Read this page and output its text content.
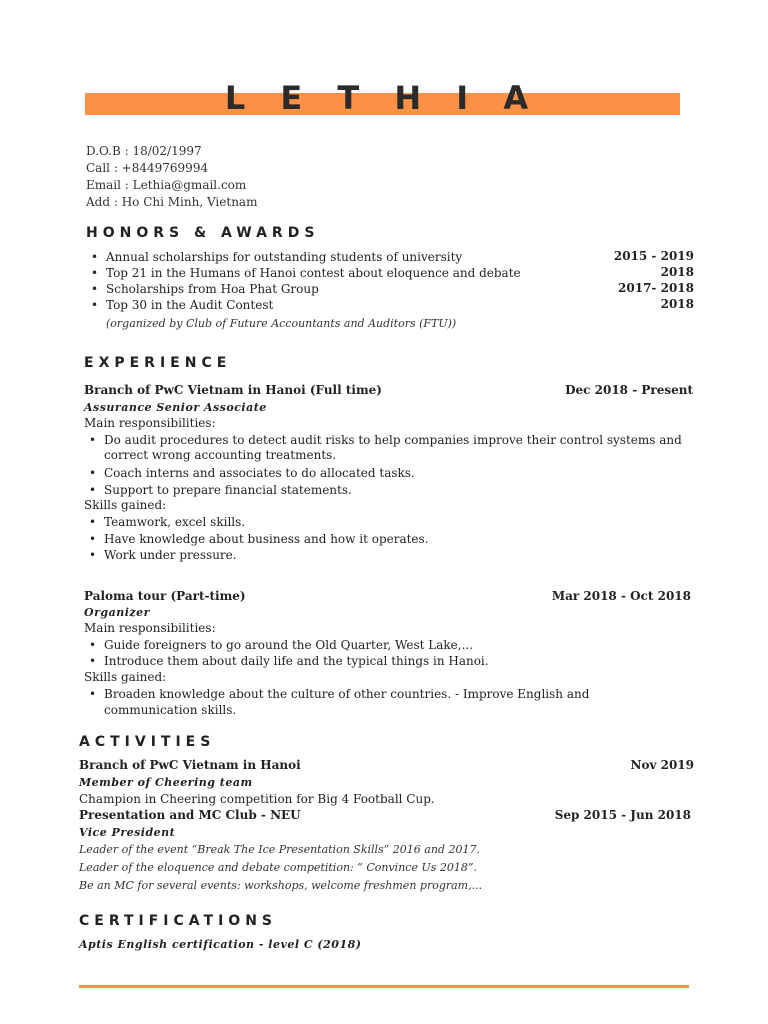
L E T H I A
D.O.B : 18/02/1997
Call : +8449769994
Email : Lethia@gmail.com
Add : Ho Chi Minh, Vietnam
HONORS & AWARDS
• Annual scholarships for outstanding students of university	2015 - 2019
• Top 21 in the Humans of Hanoi contest about eloquence and debate	2018
• Scholarships from Hoa Phat Group	2017- 2018
• Top 30 in the Audit Contest	2018
(organized by Club of Future Accountants and Auditors (FTU))
EXPERIENCE
Branch of PwC Vietnam in Hanoi (Full time)	Dec 2018 - Present
Assurance Senior Associate
Main responsibilities:
• Do audit procedures to detect audit risks to help companies improve their control systems and
correct wrong accounting treatments.
• Coach interns and associates to do allocated tasks.
• Support to prepare financial statements.
Skills gained:
• Teamwork, excel skills.
• Have knowledge about business and how it operates.
• Work under pressure.
Paloma tour (Part-time)	Mar 2018 - Oct 2018
Organizer
Main responsibilities:
• Guide foreigners to go around the Old Quarter, West Lake,...
• Introduce them about daily life and the typical things in Hanoi.
Skills gained:
• Broaden knowledge about the culture of other countries. - Improve English and
communication skills.
ACTIVITIES
Branch of PwC Vietnam in Hanoi	Nov 2019
Member of Cheering team
Champion in Cheering competition for Big 4 Football Cup.
Presentation and MC Club - NEU	Sep 2015 - Jun 2018
Vice President
Leader of the event “Break The Ice Presentation Skills” 2016 and 2017.
Leader of the eloquence and debate competition: “ Convince Us 2018”.
Be an MC for several events: workshops, welcome freshmen program,...
CERTIFICATIONS
Aptis English certification - level C (2018)
